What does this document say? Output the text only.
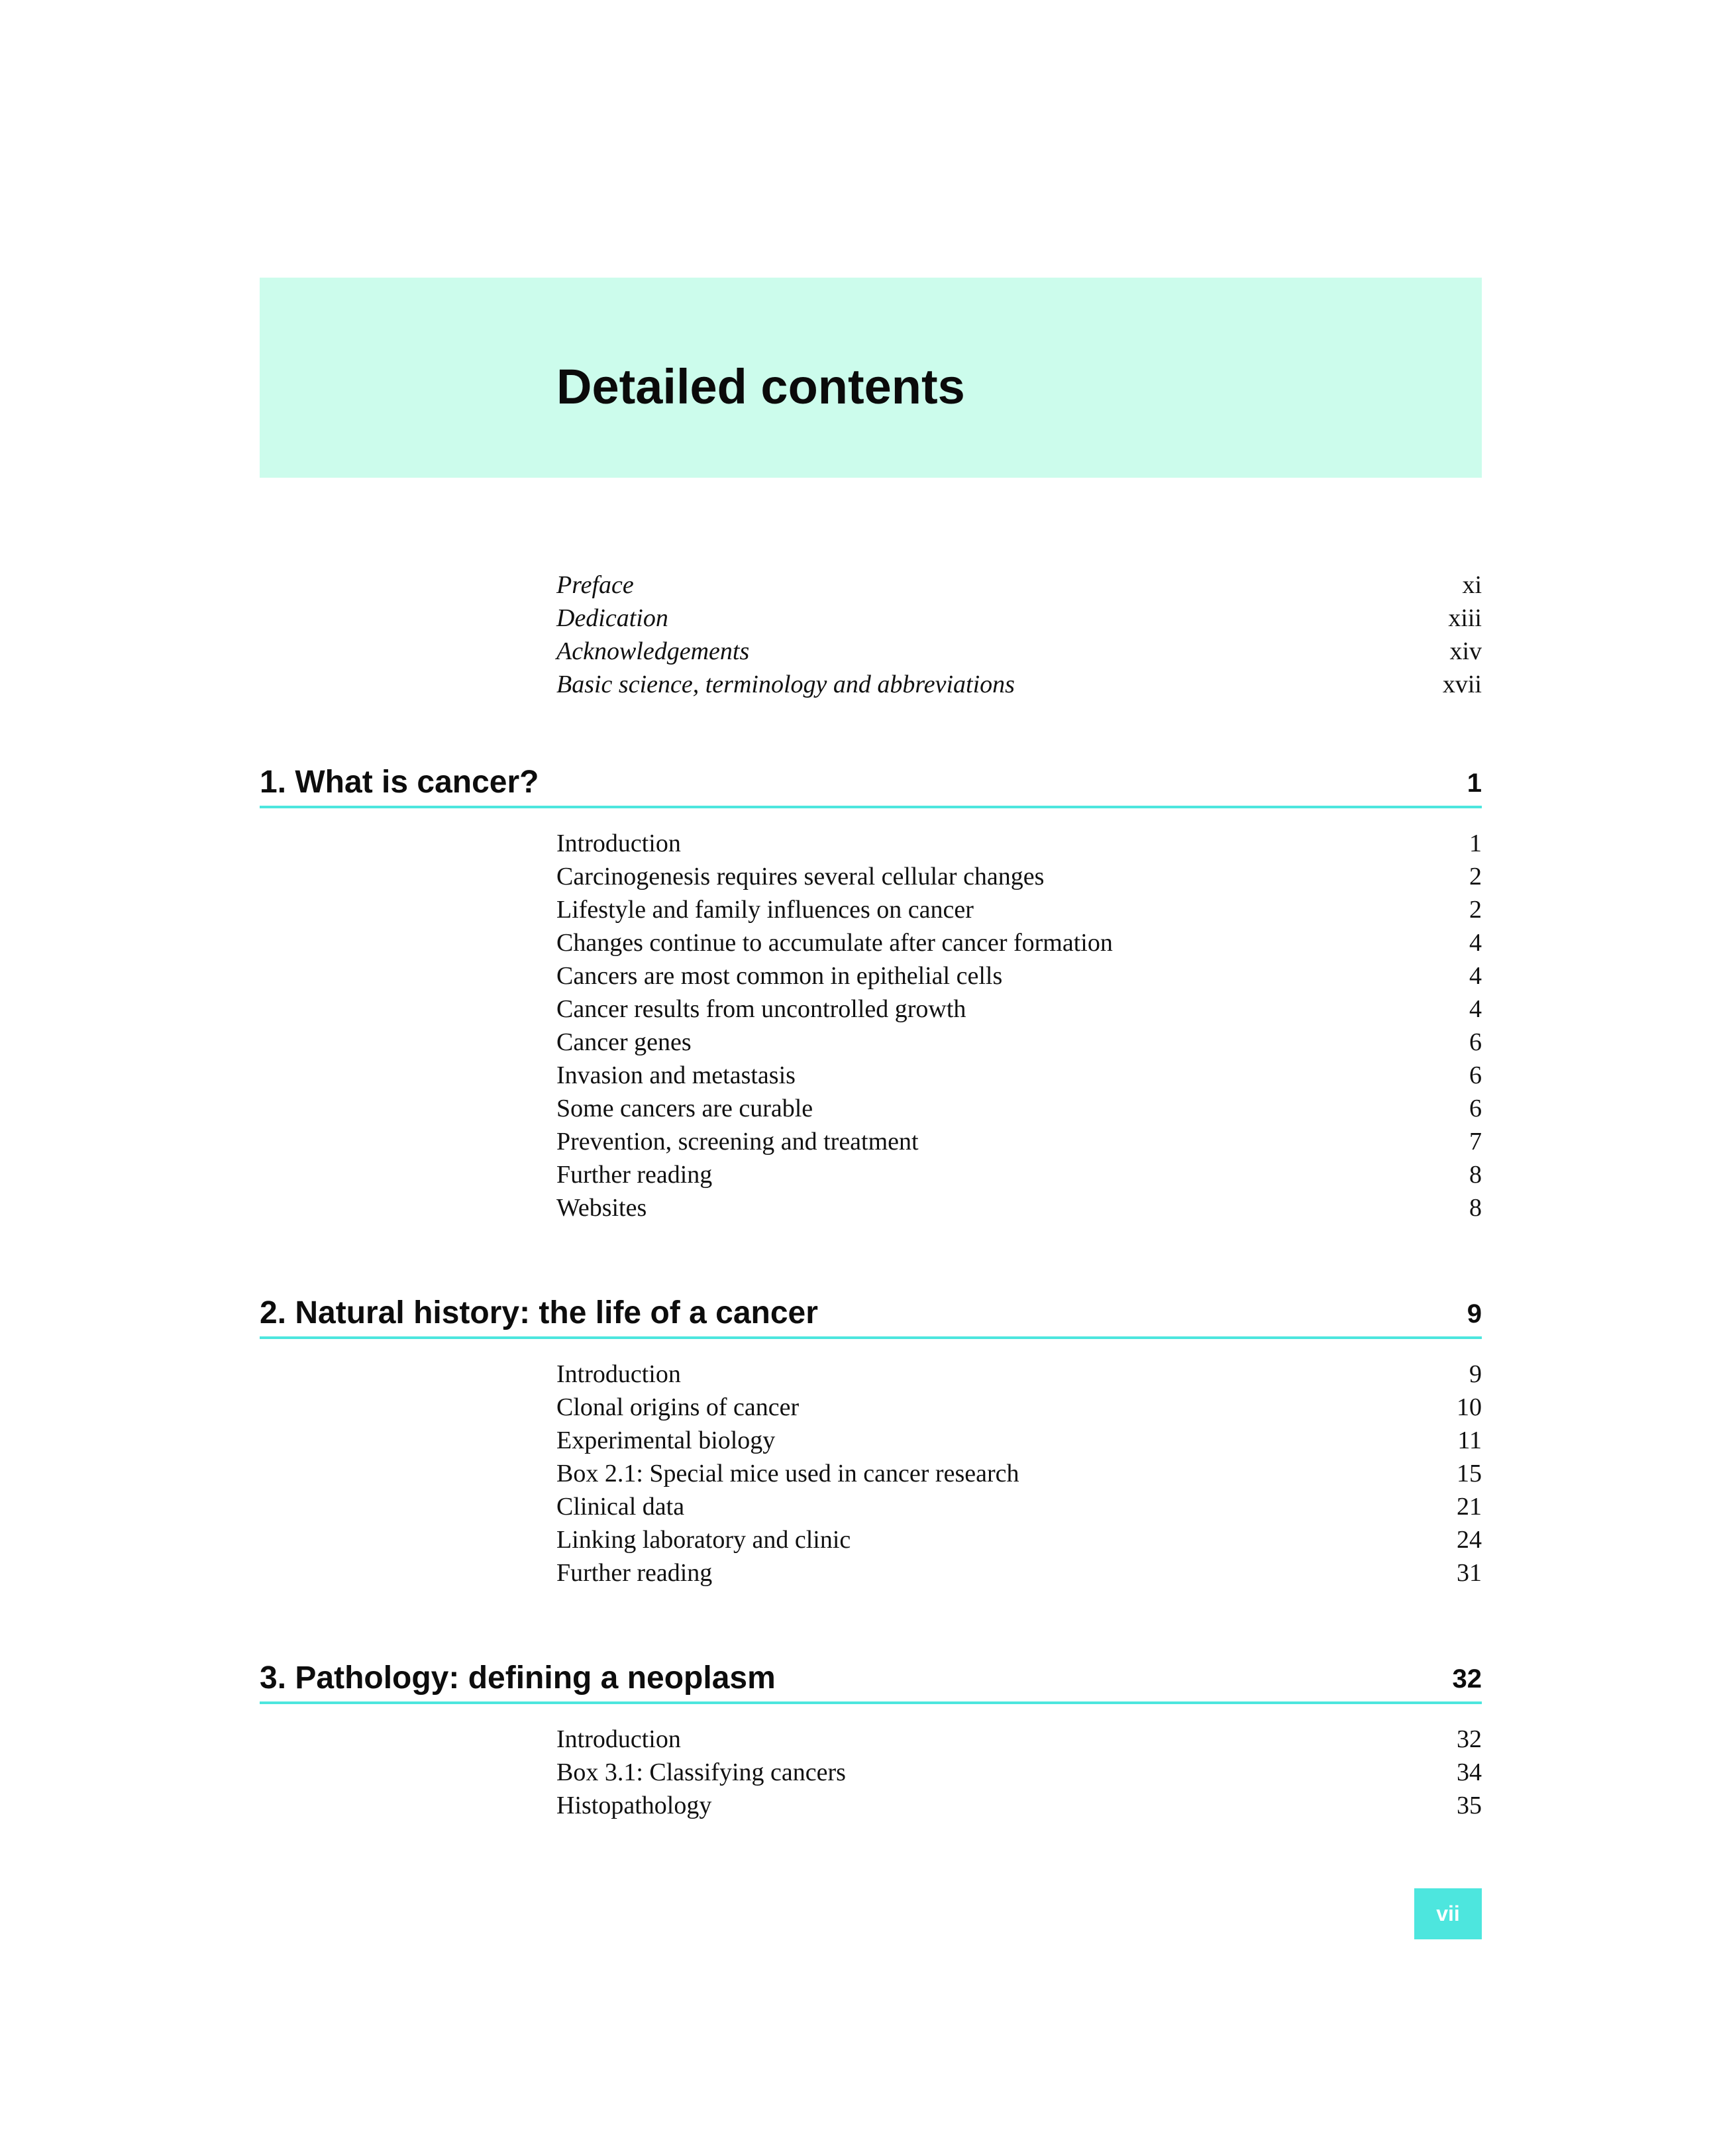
Detailed contents
Preface	xi
Dedication	xiii
Acknowledgements	xiv
Basic science, terminology and abbreviations	xvii
1. What is cancer?	1
Introduction	1
Carcinogenesis requires several cellular changes	2
Lifestyle and family influences on cancer	2
Changes continue to accumulate after cancer formation	4
Cancers are most common in epithelial cells	4
Cancer results from uncontrolled growth	4
Cancer genes	6
Invasion and metastasis	6
Some cancers are curable	6
Prevention, screening and treatment	7
Further reading	8
Websites	8
2. Natural history: the life of a cancer	9
Introduction	9
Clonal origins of cancer	10
Experimental biology	11
Box 2.1: Special mice used in cancer research	15
Clinical data	21
Linking laboratory and clinic	24
Further reading	31
3. Pathology: defining a neoplasm	32
Introduction	32
Box 3.1: Classifying cancers	34
Histopathology	35
vii
